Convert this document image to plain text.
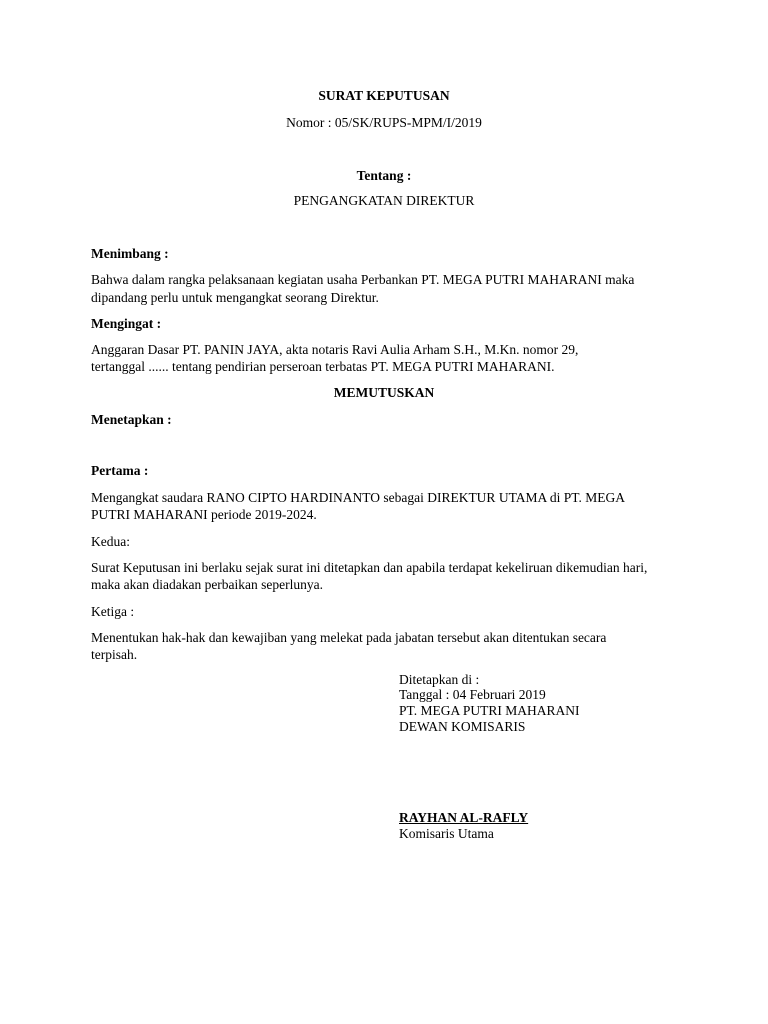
SURAT KEPUTUSAN
Nomor : 05/SK/RUPS-MPM/I/2019
Tentang :
PENGANGKATAN DIREKTUR
Menimbang :
Bahwa dalam rangka pelaksanaan kegiatan usaha Perbankan PT. MEGA PUTRI MAHARANI maka
dipandang perlu untuk mengangkat seorang Direktur.
Mengingat :
Anggaran Dasar PT. PANIN JAYA, akta notaris Ravi Aulia Arham S.H., M.Kn. nomor 29,
tertanggal ...... tentang pendirian perseroan terbatas PT. MEGA PUTRI MAHARANI.
MEMUTUSKAN
Menetapkan :
Pertama :
Mengangkat saudara RANO CIPTO HARDINANTO sebagai DIREKTUR UTAMA di PT. MEGA
PUTRI MAHARANI periode 2019-2024.
Kedua:
Surat Keputusan ini berlaku sejak surat ini ditetapkan dan apabila terdapat kekeliruan dikemudian hari,
maka akan diadakan perbaikan seperlunya.
Ketiga :
Menentukan hak-hak dan kewajiban yang melekat pada jabatan tersebut akan ditentukan secara
terpisah.
Ditetapkan di :
Tanggal : 04 Februari 2019
PT. MEGA PUTRI MAHARANI
DEWAN KOMISARIS
RAYHAN AL-RAFLY
Komisaris Utama
